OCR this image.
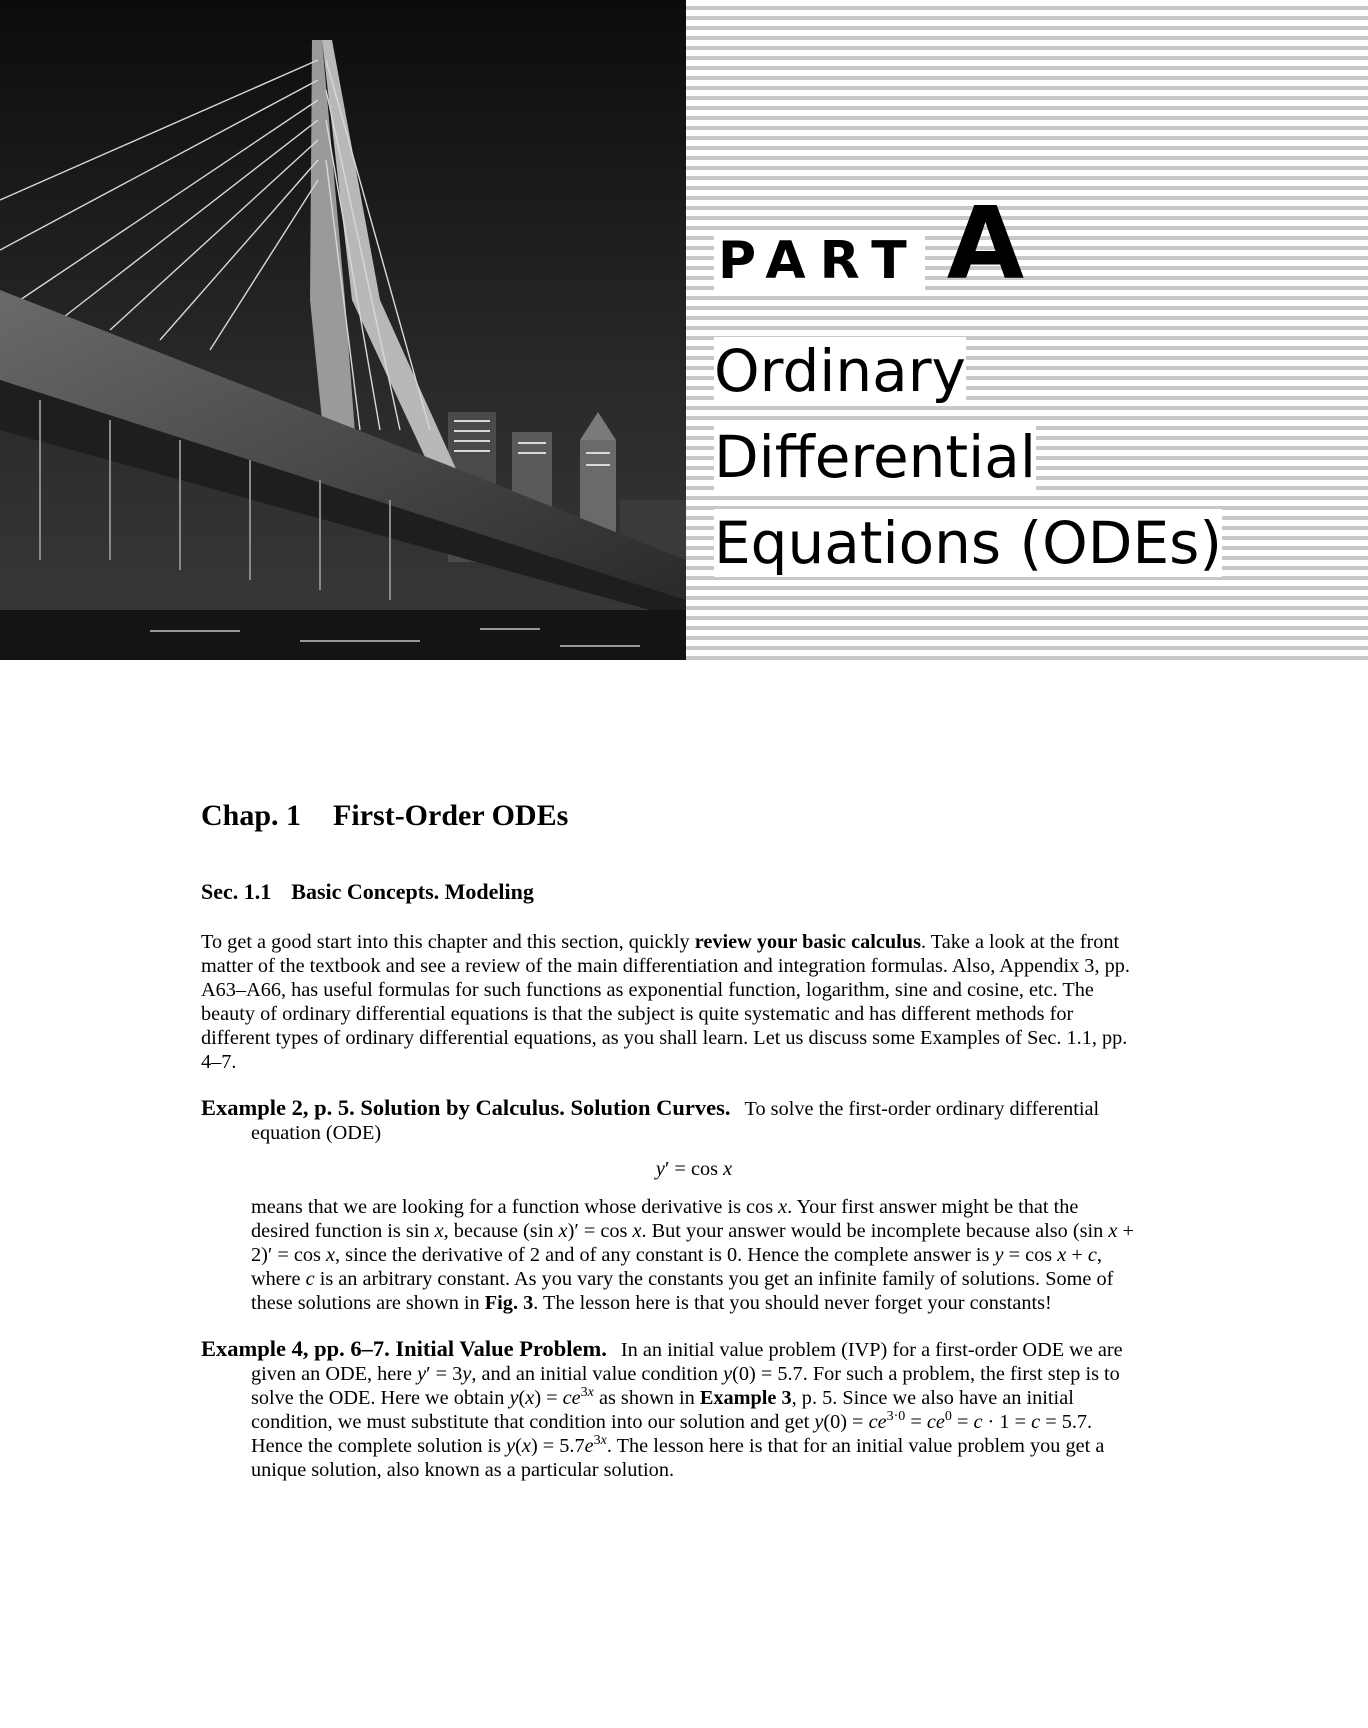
PART A
Ordinary
Differential
Equations (ODEs)
Chap. 1 First-Order ODEs
Sec. 1.1 Basic Concepts. Modeling

To get a good start into this chapter and this section, quickly review your basic calculus. Take a look at the front matter of the textbook and see a review of the main differentiation and integration formulas. Also, Appendix 3, pp. A63–A66, has useful formulas for such functions as exponential function, logarithm, sine and cosine, etc. The beauty of ordinary differential equations is that the subject is quite systematic and has different methods for different types of ordinary differential equations, as you shall learn. Let us discuss some Examples of Sec. 1.1, pp. 4–7.

Example 2, p. 5. Solution by Calculus. Solution Curves. To solve the first-order ordinary differential equation (ODE)

y′ = cos x

means that we are looking for a function whose derivative is cos x. Your first answer might be that the desired function is sin x, because (sin x)′ = cos x. But your answer would be incomplete because also (sin x + 2)′ = cos x, since the derivative of 2 and of any constant is 0. Hence the complete answer is y = cos x + c, where c is an arbitrary constant. As you vary the constants you get an infinite family of solutions. Some of these solutions are shown in Fig. 3. The lesson here is that you should never forget your constants!

Example 4, pp. 6–7. Initial Value Problem. In an initial value problem (IVP) for a first-order ODE we are given an ODE, here y′ = 3y, and an initial value condition y(0) = 5.7. For such a problem, the first step is to solve the ODE. Here we obtain $y(x) = ce^{3x}$ as shown in Example 3, p. 5. Since we also have an initial condition, we must substitute that condition into our solution and get $y(0) = ce^{3\cdot 0} = ce^0 = c \cdot 1 = c = 5.7$. Hence the complete solution is $y(x) = 5.7e^{3x}$. The lesson here is that for an initial value problem you get a unique solution, also known as a particular solution.
